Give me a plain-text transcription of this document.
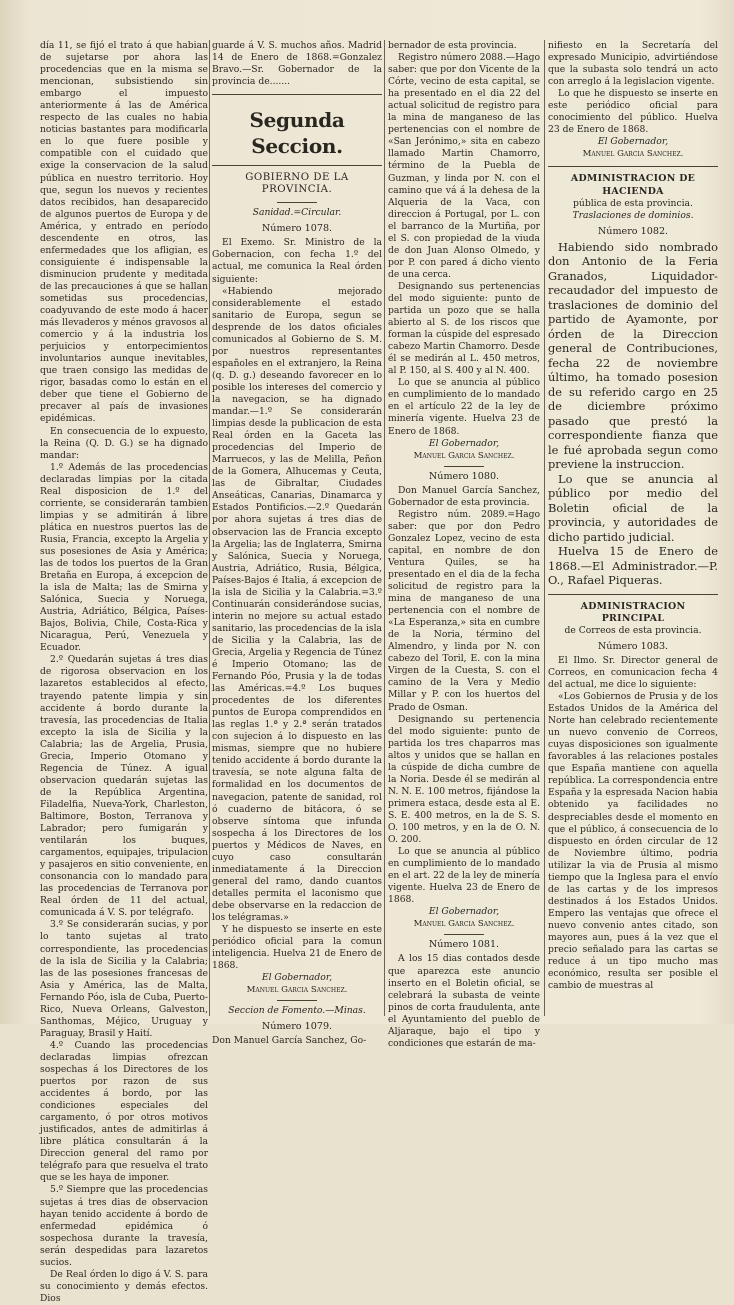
día 11, se fijó el trato á que habian de sujetarse por ahora las procedencias que en la misma se mencionan, subsistiendo sin embargo el impuesto anteriormente á las de América respecto de las cuales no habia noticias bastantes para modificarla en lo que fuere posible y compatible con el cuidado que exige la conservacion de la salud pública en nuestro territorio. Hoy que, segun los nuevos y recientes datos recibidos, han desaparecido de algunos puertos de Europa y de América, y entrado en período descendente en otros, las enfermedades que los afligian, es consiguiente é indispensable la disminucion prudente y meditada de las precauciones á que se hallan sometidas sus procedencias, coadyuvando de este modo á hacer más llevaderos y ménos gravosos al comercio y á la industria los perjuicios y entorpecimientos involuntarios aunque inevitables, que traen consigo las medidas de rigor, basadas como lo están en el deber que tiene el Gobierno de precaver al país de invasiones epidémicas.

En consecuencia de lo expuesto, la Reina (Q. D. G.) se ha dignado mandar:

1.º Además de las procedencias declaradas limpias por la citada Real disposicion de 1.º del corriente, se considerarán tambien limpias y se admitirán á libre plática en nuestros puertos las de Rusia, Francia, excepto la Argelia y sus posesiones de Asia y América; las de todos los puertos de la Gran Bretaña en Europa, á excepcion de la isla de Malta; las de Smirna y Salónica, Suecia y Noruega, Austria, Adriático, Bélgica, Países-Bajos, Bolivia, Chile, Costa-Rica y Nicaragua, Perú, Venezuela y Ecuador.

2.º Quedarán sujetas á tres dias de rigorosa observacion en los lazaretos establecidos al efecto, trayendo patente limpia y sin accidente á bordo durante la travesía, las procedencias de Italia excepto la isla de Sicilia y la Calabria; las de Argelia, Prusia, Grecia, Imperio Otomano y Regencia de Túnez. A igual observacion quedarán sujetas las de la República Argentina, Filadelfia, Nueva-York, Charleston, Baltimore, Boston, Terranova y Labrador; pero fumigarán y ventilarán los buques, cargamentos, equipajes, tripulacion y pasajeros en sitio conveniente, en consonancia con lo mandado para las procedencias de Terranova por Real órden de 11 del actual, comunicada á V. S. por telégrafo.

3.º Se considerarán sucias, y por lo tanto sujetas al trato correspondiente, las procedencias de la isla de Sicilia y la Calabria; las de las posesiones francesas de Asia y América, las de Malta, Fernando Póo, isla de Cuba, Puerto-Rico, Nueva Orleans, Galveston, Santhomas, Méjico, Uruguay y Paraguay, Brasil y Haití.

4.º Cuando las procedencias declaradas limpias ofrezcan sospechas á los Directores de los puertos por razon de sus accidentes á bordo, por las condiciones especiales del cargamento, ó por otros motivos justificados, antes de admitirlas á libre plática consultarán á la Direccion general del ramo por telégrafo para que resuelva el trato que se les haya de imponer.

5.º Siempre que las procedencias sujetas á tres dias de observacion hayan tenido accidente á bordo de enfermedad epidémica ó sospechosa durante la travesía, serán despedidas para lazaretos sucios.

De Real órden lo digo á V. S. para su conocimiento y demás efectos. Dios

guarde á V. S. muchos años. Madrid 14 de Enero de 1868.=Gonzalez Bravo.—Sr. Gobernador de la provincia de.......

Segunda Seccion.
GOBIERNO DE LA PROVINCIA.
Sanidad.=Circular.
Número 1078.

El Exemo. Sr. Ministro de la Gobernacion, con fecha 1.º del actual, me comunica la Real órden siguiente:

«Habiendo mejorado considerablemente el estado sanitario de Europa, segun se desprende de los datos oficiales comunicados al Gobierno de S. M. por nuestros representantes españoles en el extranjero, la Reina (q. D. g.) deseando favorecer en lo posible los intereses del comercio y la navegacion, se ha dignado mandar.—1.º Se considerarán limpias desde la publicacion de esta Real órden en la Gaceta las procedencias del Imperio de Marruecos, y las de Melilla, Peñon de la Gomera, Alhucemas y Ceuta, las de Gibraltar, Ciudades Anseáticas, Canarias, Dinamarca y Estados Pontificios.—2.º Quedarán por ahora sujetas á tres dias de observacion las de Francia excepto la Argelia; las de Inglaterra, Smirna y Salónica, Suecia y Noruega, Austria, Adriático, Rusia, Bélgica, Países-Bajos é Italia, á excepcion de la isla de Sicilia y la Calabria.=3.º Continuarán considerándose sucias, interin no mejore su actual estado sanitario, las procedencias de la isla de Sicilia y la Calabria, las de Grecia, Argelia y Regencia de Túnez é Imperio Otomano; las de Fernando Póo, Prusia y la de todas las Américas.=4.º Los buques procedentes de los diferentes puntos de Europa comprendidos en las reglas 1.ª y 2.ª serán tratados con sujecion á lo dispuesto en las mismas, siempre que no hubiere tenido accidente á bordo durante la travesía, se note alguna falta de formalidad en los documentos de navegacion, patente de sanidad, rol ó cuaderno de bitácora, ó se observe síntoma que infunda sospecha á los Directores de los puertos y Médicos de Naves, en cuyo caso consultarán inmediatamente á la Direccion general del ramo, dando cuantos detalles permita el laconismo que debe observarse en la redaccion de los telégramas.»

Y he dispuesto se inserte en este periódico oficial para la comun inteligencia. Huelva 21 de Enero de 1868.

El Gobernador,
Manuel Garcia Sanchez.
Seccion de Fomento.—Minas.
Número 1079.

Don Manuel García Sanchez, Go-

bernador de esta provincia.

Registro número 2088.—Hago saber: que por don Vicente de la Córte, vecino de esta capital, se ha presentado en el dia 22 del actual solicitud de registro para la mina de manganeso de las pertenencias con el nombre de «San Jerónimo,» sita en cabezo llamado Martin Chamorro, término de la Puebla de Guzman, y linda por N. con el camino que vá á la dehesa de la Alqueria de la Vaca, con direccion á Portugal, por L. con el barranco de la Murtiña, por el S. con propiedad de la viuda de don Juan Alonso Olmedo, y por P. con pared á dicho viento de una cerca.

Designando sus pertenencias del modo siguiente: punto de partida un pozo que se halla abierto al S. de los riscos que forman la cúspide del espresado cabezo Martin Chamorro. Desde él se medirán al L. 450 metros, al P. 150, al S. 400 y al N. 400.

Lo que se anuncia al público en cumplimiento de lo mandado en el artículo 22 de la ley de minería vigente. Huelva 23 de Enero de 1868.

El Gobernador,
Manuel Garcia Sanchez.
Número 1080.

Don Manuel García Sanchez, Gobernador de esta provincia.

Registro núm. 2089.=Hago saber: que por don Pedro Gonzalez Lopez, vecino de esta capital, en nombre de don Ventura Quiles, se ha presentado en el dia de la fecha solicitud de registro para la mina de manganeso de una pertenencia con el nombre de «La Esperanza,» sita en cumbre de la Noria, término del Almendro, y linda por N. con cabezo del Toril, E. con la mina Virgen de la Cuesta, S. con el camino de la Vera y Medio Millar y P. con los huertos del Prado de Osman.

Designando su pertenencia del modo siguiente: punto de partida los tres chaparros mas altos y unidos que se hallan en la cúspide de dicha cumbre de la Noria. Desde él se medirán al N. N. E. 100 metros, fijándose la primera estaca, desde esta al E. S. E. 400 metros, en la de S. S. O. 100 metros, y en la de O. N. O. 200.

Lo que se anuncia al público en cumplimiento de lo mandado en el art. 22 de la ley de minería vigente. Huelva 23 de Enero de 1868.

El Gobernador,
Manuel Garcia Sanchez.
Número 1081.

A los 15 dias contados desde que aparezca este anuncio inserto en el Boletin oficial, se celebrará la subasta de veinte pinos de corta fraudulenta, ante el Ayuntamiento del pueblo de Aljaraque, bajo el tipo y condiciones que estarán de ma-

nifiesto en la Secretaría del expresado Municipio, advirtiéndose que la subasta solo tendrá un acto con arreglo á la legislacion vigente.

Lo que he dispuesto se inserte en este periódico oficial para conocimiento del público. Huelva 23 de Enero de 1868.

El Gobernador,
Manuel Garcia Sanchez.
ADMINISTRACION DE HACIENDA
pública de esta provincia.
Traslaciones de dominios.
Número 1082.

Habiendo sido nombrado don Antonio de la Feria Granados, Liquidador-recaudador del impuesto de traslaciones de dominio del partido de Ayamonte, por órden de la Direccion general de Contribuciones, fecha 22 de noviembre último, ha tomado posesion de su referido cargo en 25 de diciembre próximo pasado que prestó la correspondiente fianza que le fué aprobada segun como previene la instruccion.

Lo que se anuncia al público por medio del Boletin oficial de la provincia, y autoridades de dicho partido judicial.

Huelva 15 de Enero de 1868.—El Administrador.—P. O., Rafael Piqueras.

ADMINISTRACION PRINCIPAL
de Correos de esta provincia.
Número 1083.

El Ilmo. Sr. Director general de Correos, en comunicacion fecha 4 del actual, me dice lo siguiente:

«Los Gobiernos de Prusia y de los Estados Unidos de la América del Norte han celebrado recientemente un nuevo convenio de Correos, cuyas disposiciones son igualmente favorables á las relaciones postales que España mantiene con aquella república. La correspondencia entre España y la espresada Nacion habia obtenido ya facilidades no despreciables desde el momento en que el público, á consecuencia de lo dispuesto en órden circular de 12 de Noviembre último, podria utilizar la via de Prusia al mismo tiempo que la Inglesa para el envío de las cartas y de los impresos destinados á los Estados Unidos. Empero las ventajas que ofrece el nuevo convenio antes citado, son mayores aun, pues á la vez que el precio señalado para las cartas se reduce á un tipo mucho mas económico, resulta ser posible el cambio de muestras al
